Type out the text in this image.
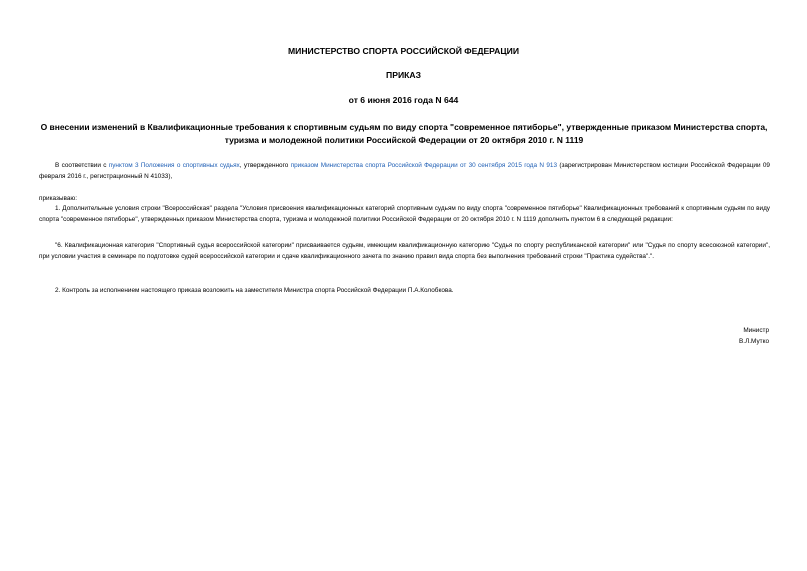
МИНИСТЕРСТВО СПОРТА РОССИЙСКОЙ ФЕДЕРАЦИИ
ПРИКАЗ
от 6 июня 2016 года N 644
О внесении изменений в Квалификационные требования к спортивным судьям по виду спорта "современное пятиборье", утвержденные приказом Министерства спорта, туризма и молодежной политики Российской Федерации от 20 октября 2010 г. N 1119

В соответствии с пунктом 3 Положения о спортивных судьях, утвержденного приказом Министерства спорта Российской Федерации от 30 сентября 2015 года N 913 (зарегистрирован Министерством юстиции Российской Федерации 09 февраля 2016 г., регистрационный N 41033),

приказываю:

1. Дополнительные условия строки "Всероссийская" раздела "Условия присвоения квалификационных категорий спортивным судьям по виду спорта "современное пятиборье" Квалификационных требований к спортивным судьям по виду спорта "современное пятиборье", утвержденных приказом Министерства спорта, туризма и молодежной политики Российской Федерации от 20 октября 2010 г. N 1119 дополнить пунктом 6 в следующей редакции:

"6. Квалификационная категория "Спортивный судья всероссийской категории" присваивается судьям, имеющим квалификационную категорию "Судья по спорту республиканской категории" или "Судья по спорту всесоюзной категории", при условии участия в семинаре по подготовке судей всероссийской категории и сдаче квалификационного зачета по знанию правил вида спорта без выполнения требований строки "Практика судейства".".

2. Контроль за исполнением настоящего приказа возложить на заместителя Министра спорта Российской Федерации П.А.Колобкова.

Министр
В.Л.Мутко
